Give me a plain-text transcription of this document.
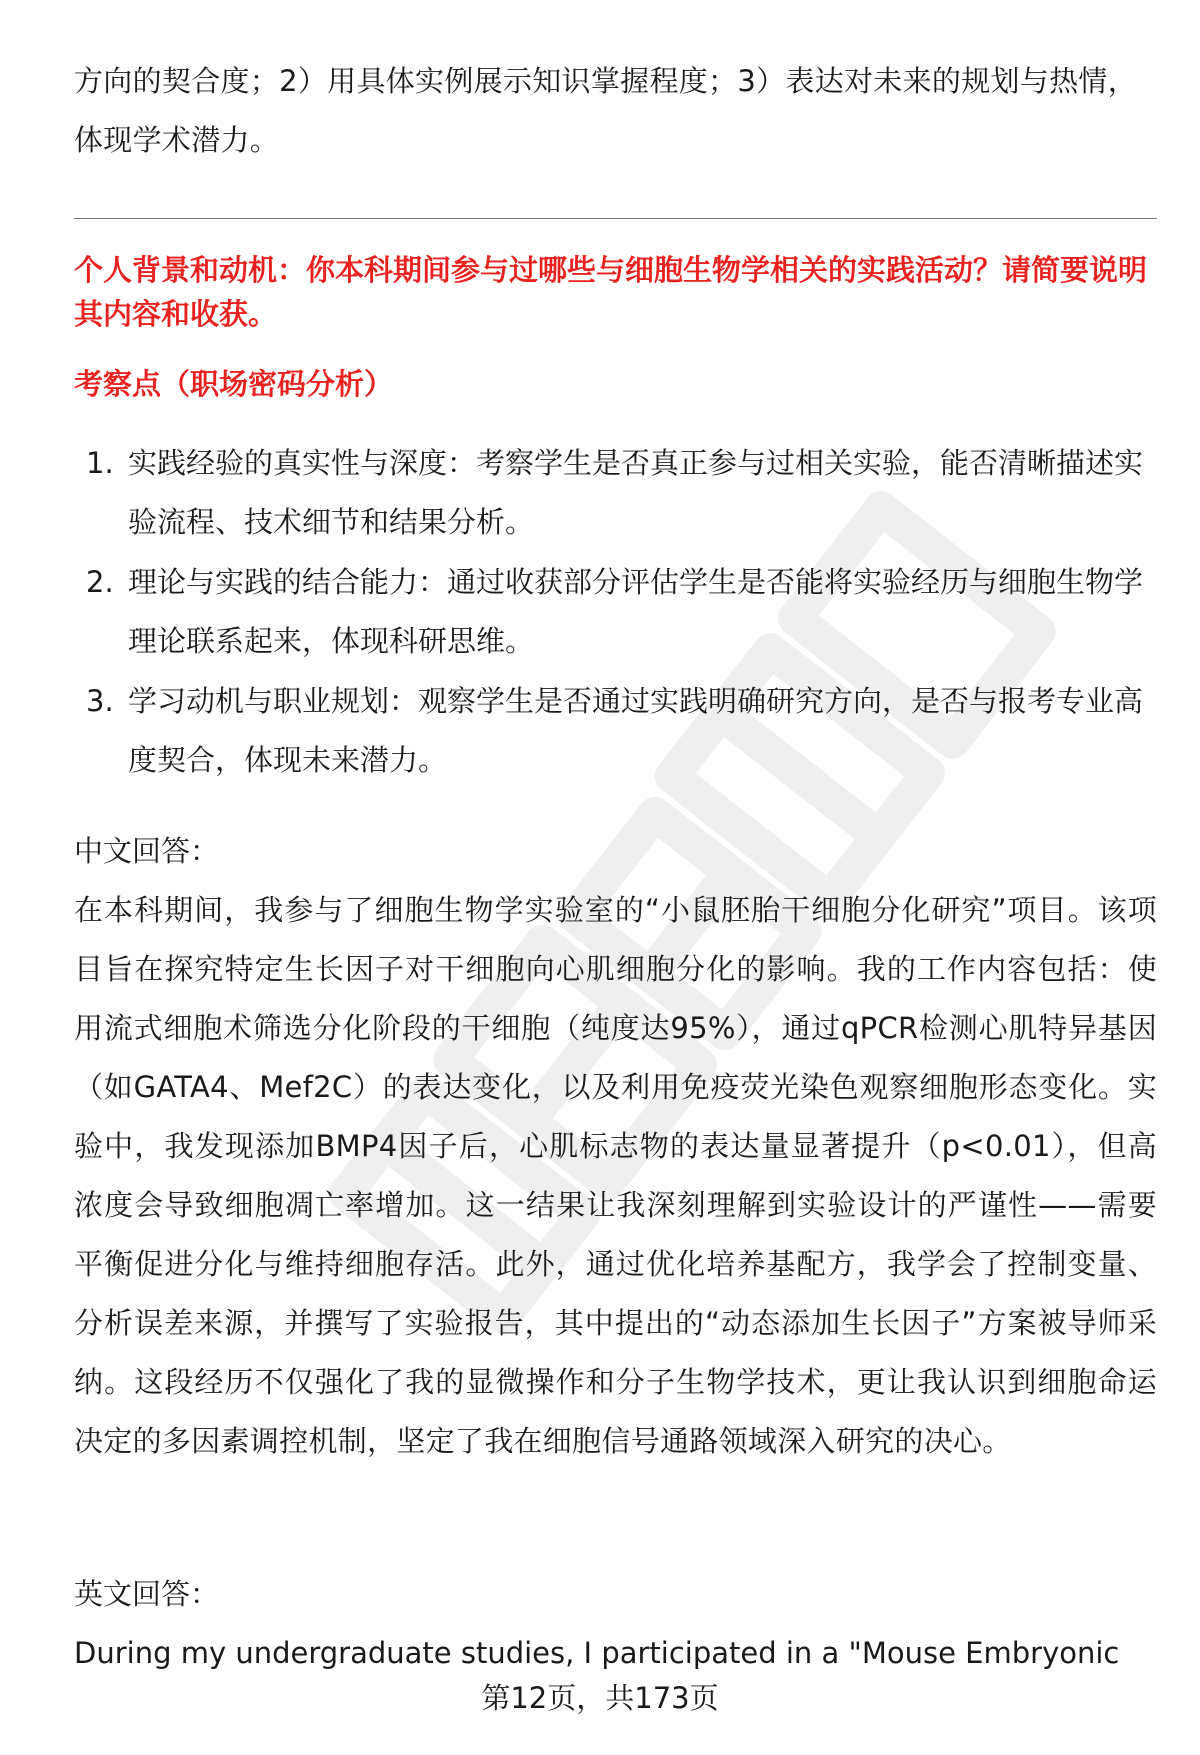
方向的契合度；2）用具体实例展示知识掌握程度；3）表达对未来的规划与热情，

体现学术潜力。

个人背景和动机：你本科期间参与过哪些与细胞生物学相关的实践活动？请简要说明其内容和收获。

考察点（职场密码分析）

1. 实践经验的真实性与深度：考察学生是否真正参与过相关实验，能否清晰描述实验流程、技术细节和结果分析。
2. 理论与实践的结合能力：通过收获部分评估学生是否能将实验经历与细胞生物学理论联系起来，体现科研思维。
3. 学习动机与职业规划：观察学生是否通过实践明确研究方向，是否与报考专业高度契合，体现未来潜力。

中文回答：

在本科期间，我参与了细胞生物学实验室的“小鼠胚胎干细胞分化研究”项目。该项目旨在探究特定生长因子对干细胞向心肌细胞分化的影响。我的工作内容包括：使用流式细胞术筛选分化阶段的干细胞（纯度达95%），通过qPCR检测心肌特异基因（如GATA4、Mef2C）的表达变化，以及利用免疫荧光染色观察细胞形态变化。实验中，我发现添加BMP4因子后，心肌标志物的表达量显著提升（p<0.01），但高浓度会导致细胞凋亡率增加。这一结果让我深刻理解到实验设计的严谨性——需要平衡促进分化与维持细胞存活。此外，通过优化培养基配方，我学会了控制变量、分析误差来源，并撰写了实验报告，其中提出的“动态添加生长因子”方案被导师采纳。这段经历不仅强化了我的显微操作和分子生物学技术，更让我认识到细胞命运决定的多因素调控机制，坚定了我在细胞信号通路领域深入研究的决心。

英文回答：

During my undergraduate studies, I participated in a "Mouse Embryonic

第12页，共173页
